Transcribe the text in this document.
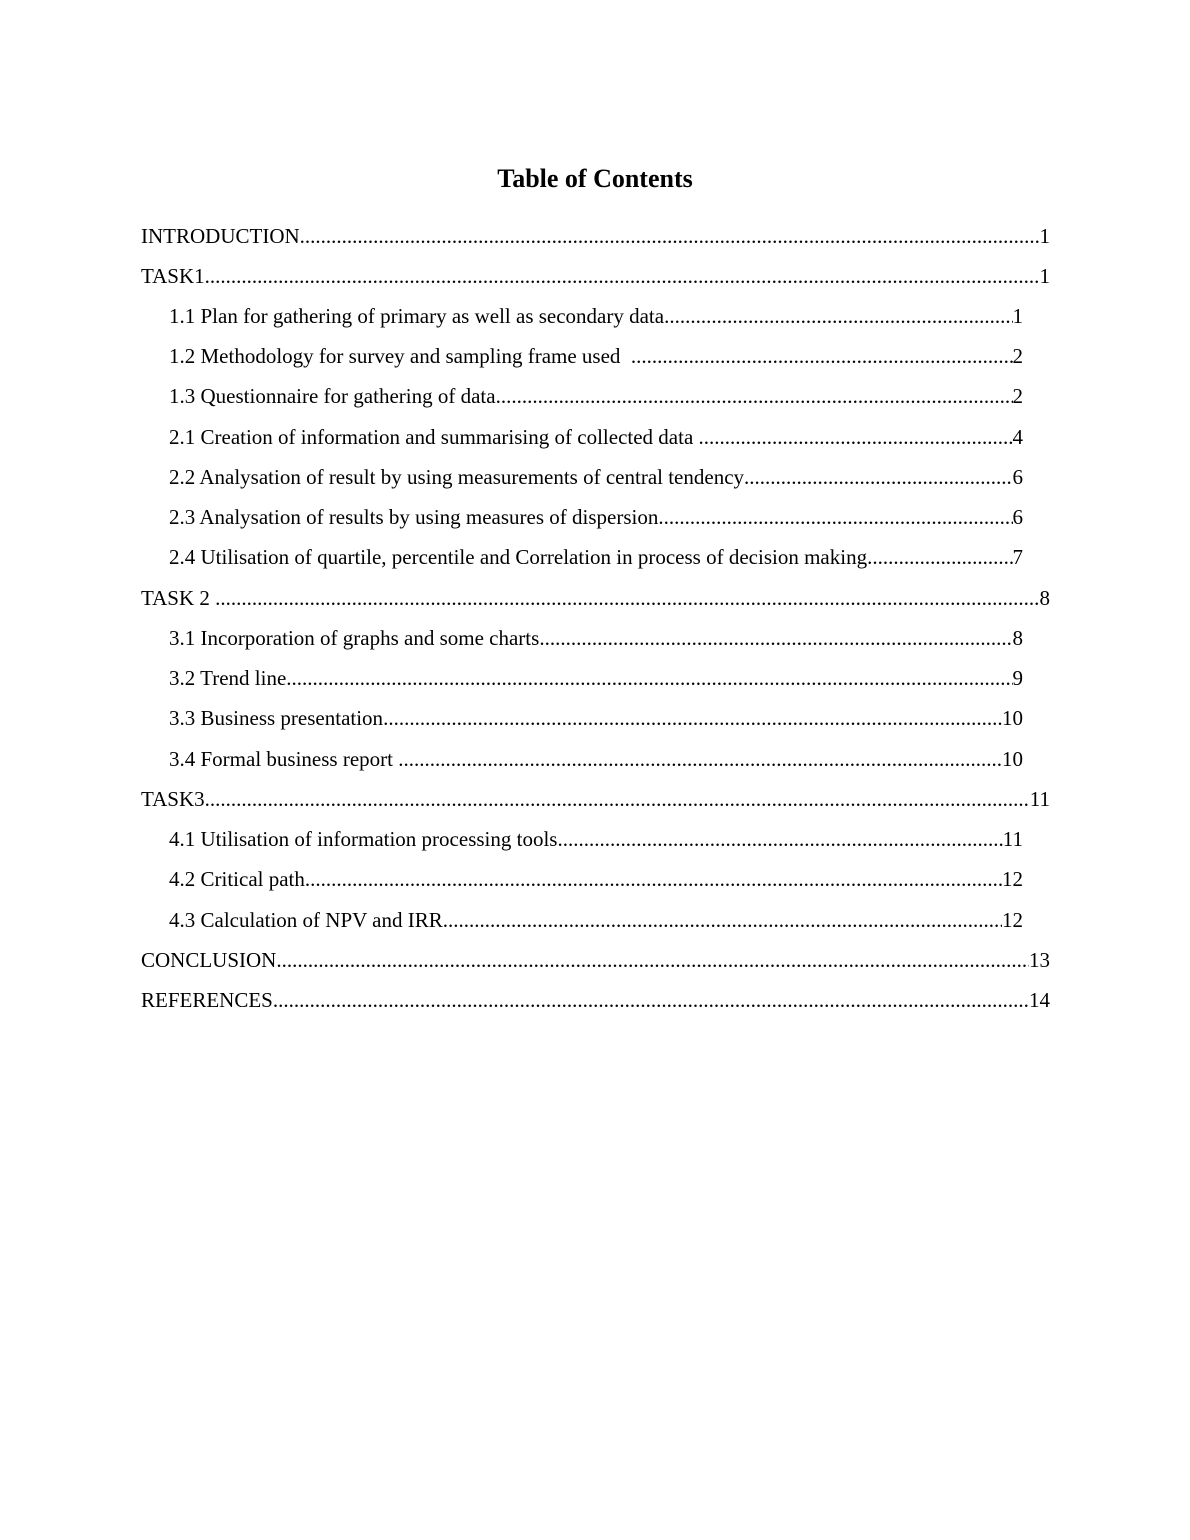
Table of Contents
INTRODUCTION .....	1
TASK1 .....	1
1.1 Plan for gathering of primary as well as secondary data .....	1
1.2 Methodology for survey and sampling frame used .....	2
1.3 Questionnaire for gathering of data .....	2
2.1 Creation of information and summarising of collected data .....	4
2.2 Analysation of result by using measurements of central tendency .....	6
2.3 Analysation of results by using measures of dispersion .....	6
2.4 Utilisation of quartile, percentile and Correlation in process of decision making .....	7
TASK 2 .....	8
3.1 Incorporation of graphs and some charts .....	8
3.2 Trend line .....	9
3.3 Business presentation .....	10
3.4 Formal business report .....	10
TASK3 .....	11
4.1 Utilisation of information processing tools .....	11
4.2 Critical path .....	12
4.3 Calculation of NPV and IRR .....	12
CONCLUSION .....	13
REFERENCES .....	14
